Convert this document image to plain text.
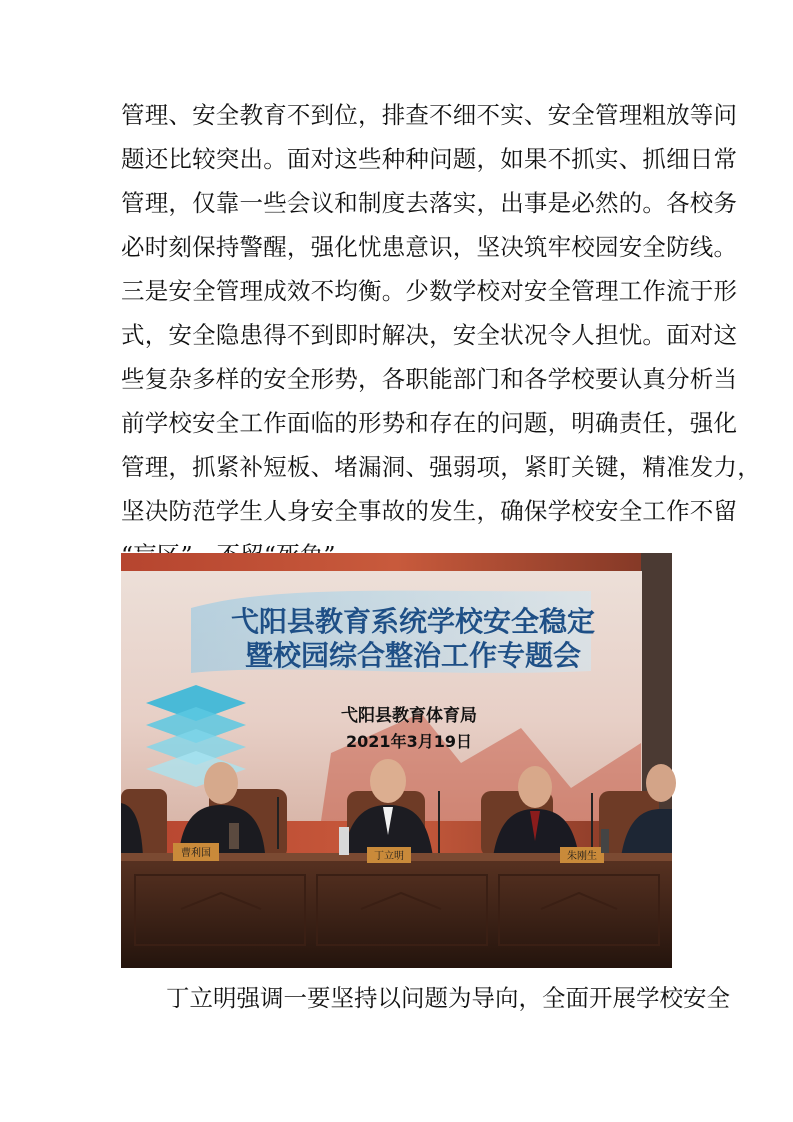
管理、安全教育不到位，排查不细不实、安全管理粗放等问
题还比较突出。面对这些种种问题，如果不抓实、抓细日常
管理，仅靠一些会议和制度去落实，出事是必然的。各校务
必时刻保持警醒，强化忧患意识，坚决筑牢校园安全防线。
三是安全管理成效不均衡。少数学校对安全管理工作流于形
式，安全隐患得不到即时解决，安全状况令人担忧。面对这
些复杂多样的安全形势，各职能部门和各学校要认真分析当
前学校安全工作面临的形势和存在的问题，明确责任，强化
管理，抓紧补短板、堵漏洞、强弱项，紧盯关键，精准发力，
坚决防范学生人身安全事故的发生，确保学校安全工作不留
弋阳县教育系统学校安全稳定
暨校园综合整治工作专题会
弋阳县教育体育局
2021年3月19日
曹利国	丁立明	朱刚生
丁立明强调一要坚持以问题为导向，全面开展学校安全
